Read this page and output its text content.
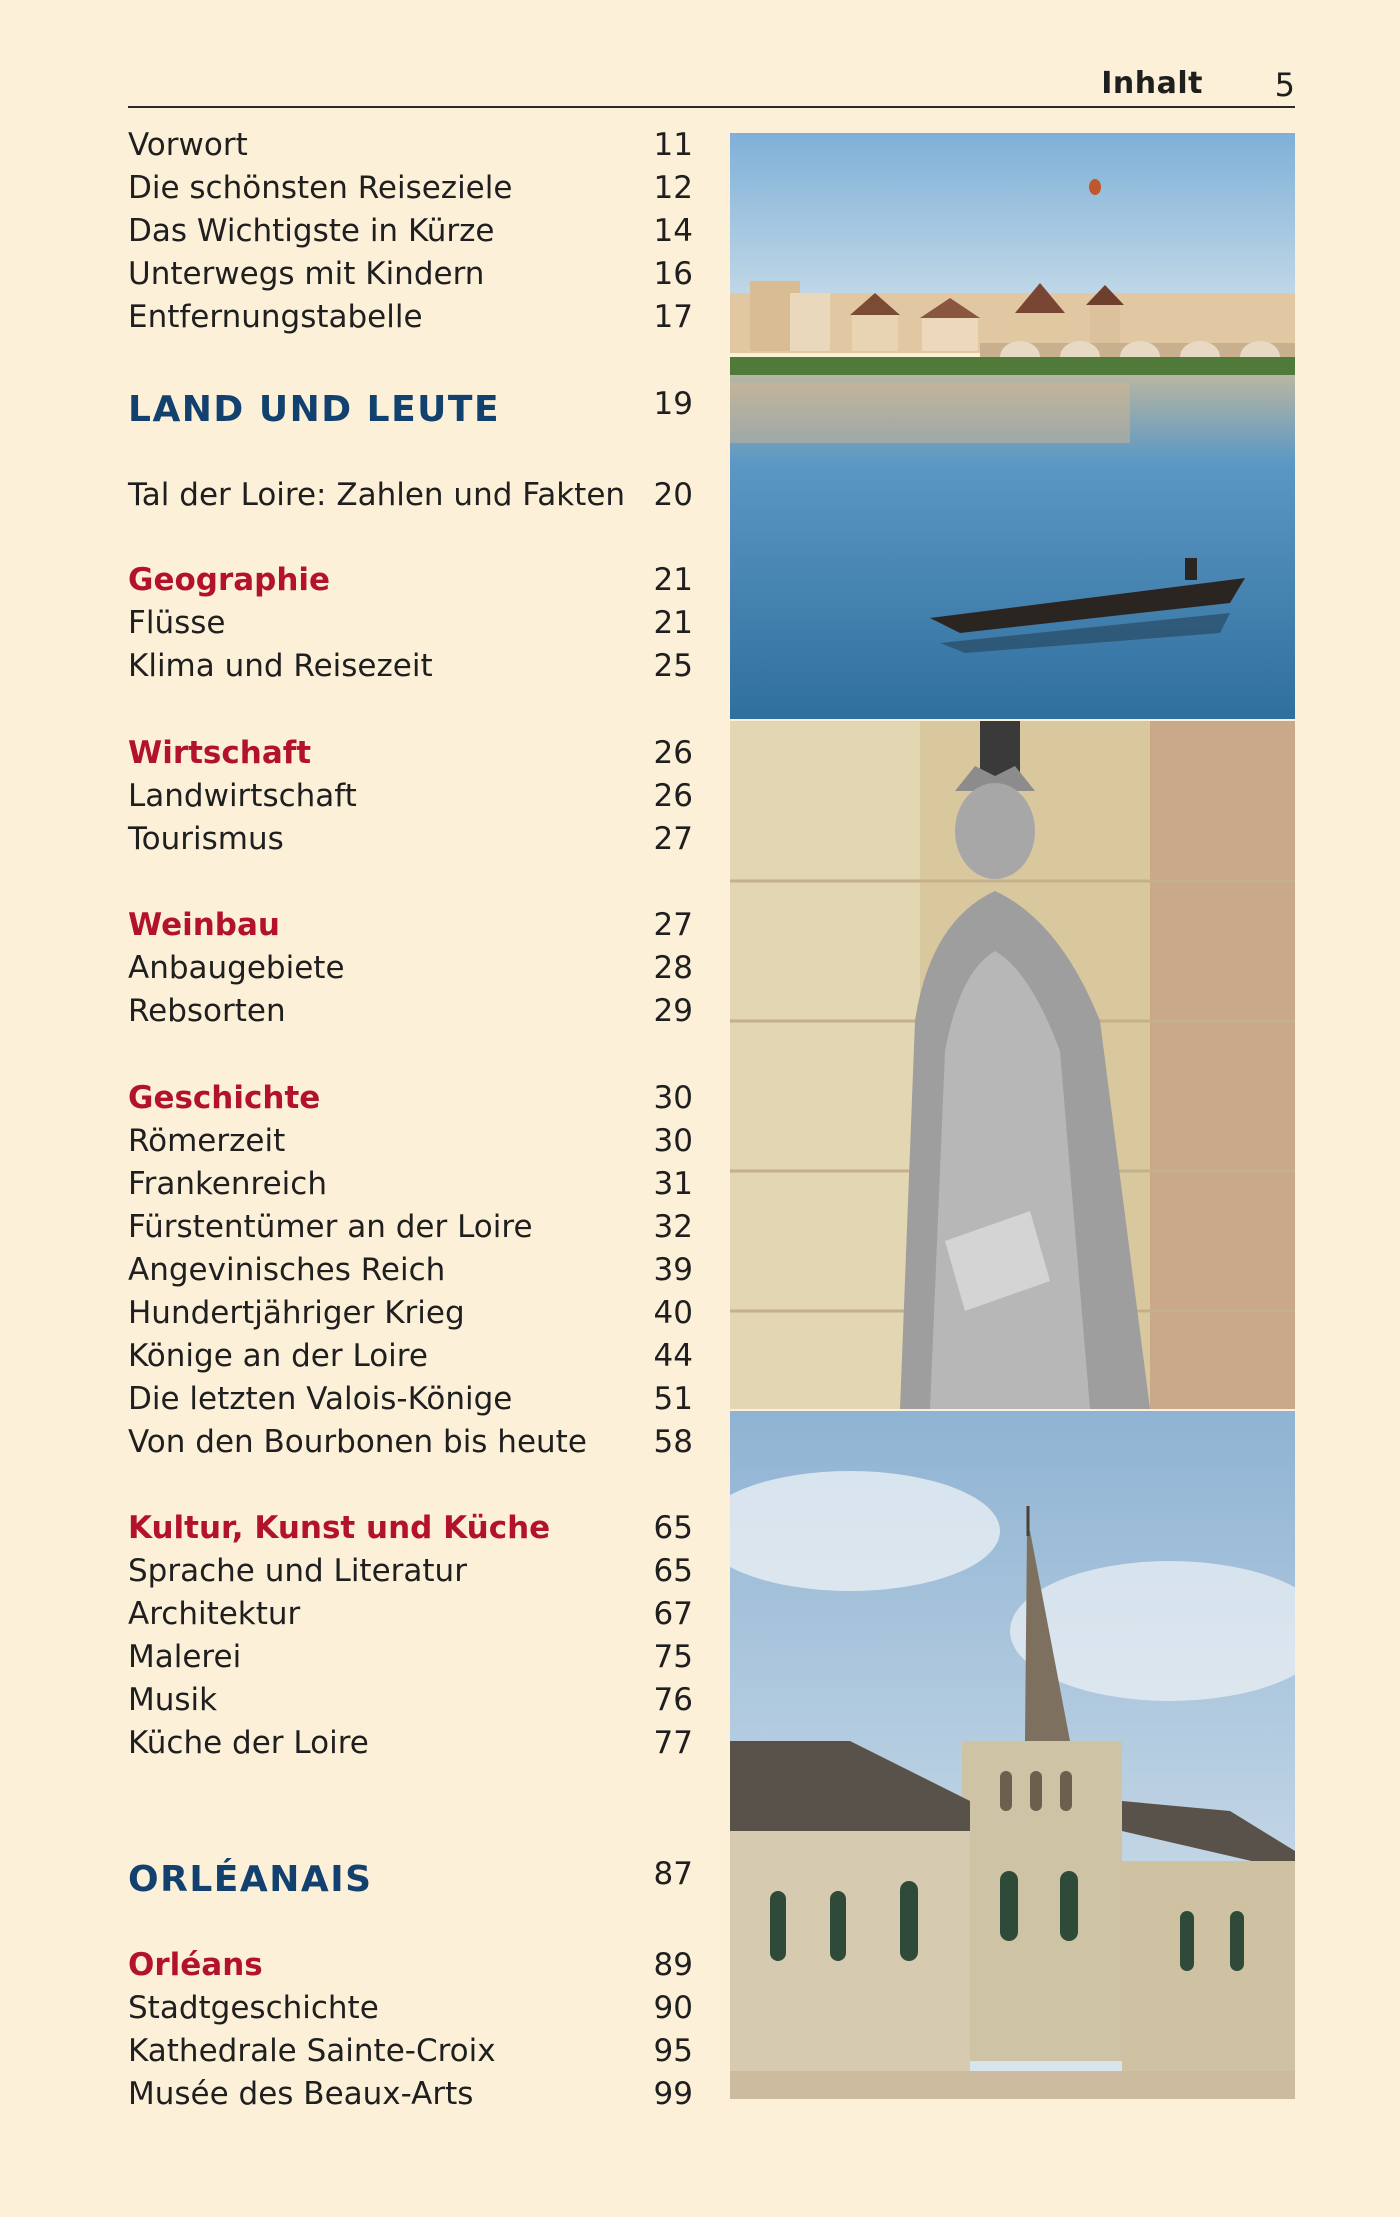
Inhalt 5
Vorwort	11
Die schönsten Reiseziele	12
Das Wichtigste in Kürze	14
Unterwegs mit Kindern	16
Entfernungstabelle	17
LAND UND LEUTE	19
Tal der Loire: Zahlen und Fakten 20
Geographie	21
Flüsse	21
Klima und Reisezeit	25
Wirtschaft	26
Landwirtschaft	26
Tourismus	27
Weinbau	27
Anbaugebiete	28
Rebsorten	29
Geschichte	30
Römerzeit	30
Frankenreich	31
Fürstentümer an der Loire	32
Angevinisches Reich	39
Hundertjähriger Krieg	40
Könige an der Loire	44
Die letzten Valois-Könige	51
Von den Bourbonen bis heute 58
Kultur, Kunst und Küche	65
Sprache und Literatur	65
Architektur	67
Malerei	75
Musik	76
Küche der Loire	77
ORLÉANAIS	87
Orléans	89
Stadtgeschichte	90
Kathedrale Sainte-Croix	95
Musée des Beaux-Arts	99
